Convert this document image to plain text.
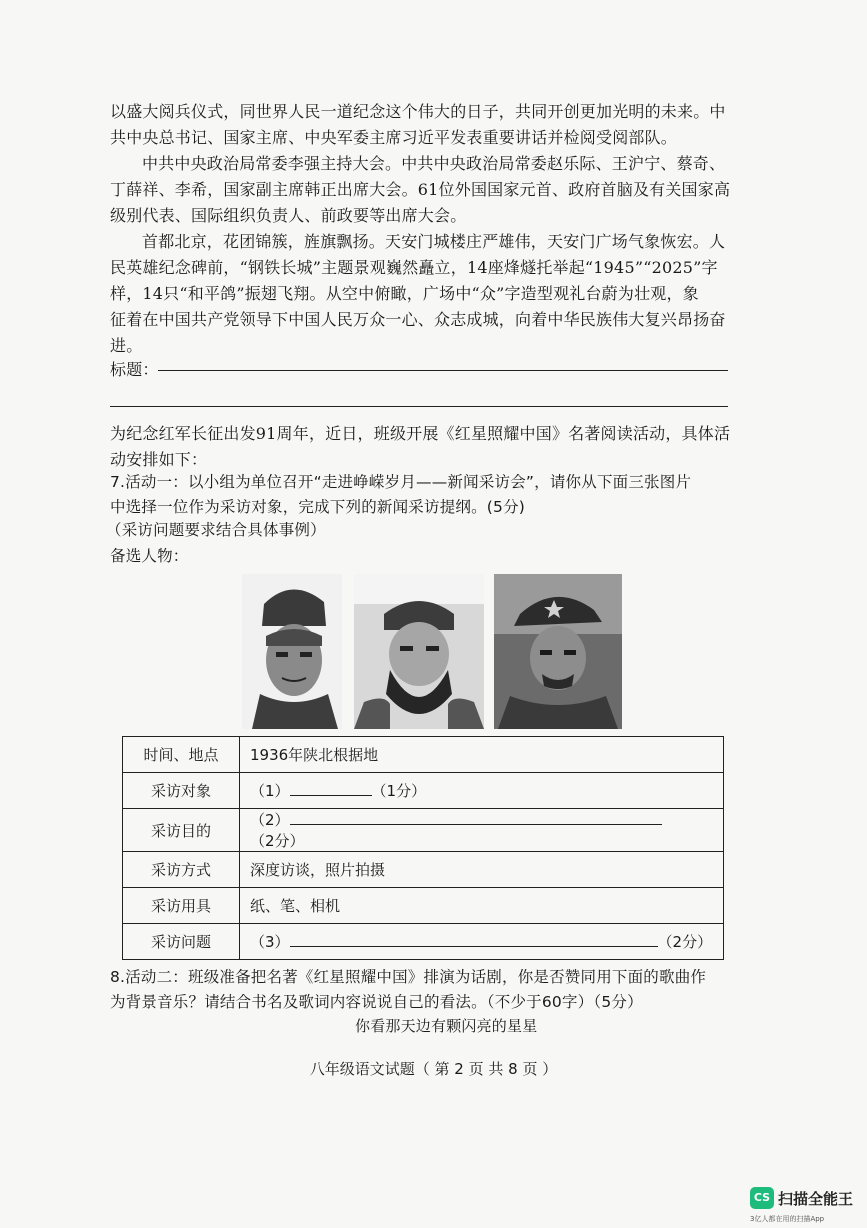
以盛大阅兵仪式，同世界人民一道纪念这个伟大的日子，共同开创更加光明的未来。中
共中央总书记、国家主席、中央军委主席习近平发表重要讲话并检阅受阅部队。
中共中央政治局常委李强主持大会。中共中央政治局常委赵乐际、王沪宁、蔡奇、
丁薛祥、李希，国家副主席韩正出席大会。61位外国国家元首、政府首脑及有关国家高
级别代表、国际组织负责人、前政要等出席大会。
首都北京，花团锦簇，旌旗飘扬。天安门城楼庄严雄伟，天安门广场气象恢宏。人
民英雄纪念碑前，“钢铁长城”主题景观巍然矗立，14座烽燧托举起“1945”“2025”字
样，14只“和平鸽”振翅飞翔。从空中俯瞰，广场中“众”字造型观礼台蔚为壮观，象
征着在中国共产党领导下中国人民万众一心、众志成城，向着中华民族伟大复兴昂扬奋
进。
标题：
为纪念红军长征出发91周年，近日，班级开展《红星照耀中国》名著阅读活动，具体活
动安排如下：
7.活动一：以小组为单位召开“走进峥嵘岁月——新闻采访会”，请你从下面三张图片
中选择一位作为采访对象，完成下列的新闻采访提纲。(5分)
（采访问题要求结合具体事例）
备选人物：
时间、地点	1936年陕北根据地
采访对象	（1） （1分）
采访目的	（2）（2分）
采访方式	深度访谈，照片拍摄
采访用具	纸、笔、相机
采访问题	（3） （2分）
8.活动二：班级准备把名著《红星照耀中国》排演为话剧，你是否赞同用下面的歌曲作
为背景音乐？请结合书名及歌词内容说说自己的看法。（不少于60字）（5分）
你看那天边有颗闪亮的星星
八年级语文试题（ 第 2 页 共 8 页 ）
CS 扫描全能王
3亿人都在用的扫描App
